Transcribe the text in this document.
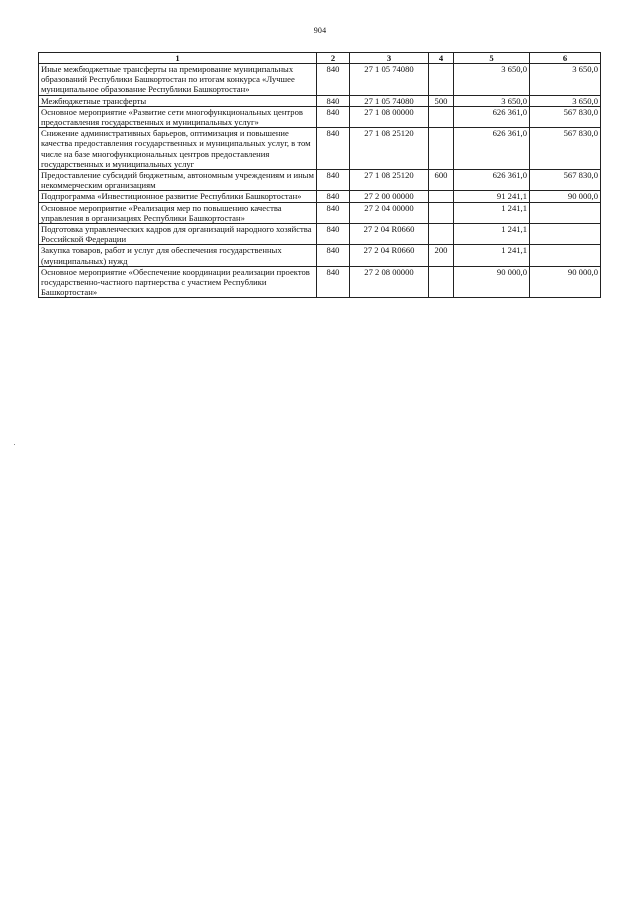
904
1	2	3	4	5	6
Иные межбюджетные трансферты на премирование муниципальных образований Республики Башкортостан по итогам конкурса «Лучшее муниципальное образование Республики Башкортостан»	840	27 1 05 74080		3 650,0	3 650,0
Межбюджетные трансферты	840	27 1 05 74080	500	3 650,0	3 650,0
Основное мероприятие «Развитие сети многофункциональных центров предоставления государственных и муниципальных услуг»	840	27 1 08 00000		626 361,0	567 830,0
Снижение административных барьеров, оптимизация и повышение качества предоставления государственных и муниципальных услуг, в том числе на базе многофункциональных центров предоставления государственных и муниципальных услуг	840	27 1 08 25120		626 361,0	567 830,0
Предоставление субсидий бюджетным, автономным учреждениям и иным некоммерческим организациям	840	27 1 08 25120	600	626 361,0	567 830,0
Подпрограмма «Инвестиционное развитие Республики Башкортостан»	840	27 2 00 00000		91 241,1	90 000,0
Основное мероприятие «Реализация мер по повышению качества управления в организациях Республики Башкортостан»	840	27 2 04 00000		1 241,1	
Подготовка управленческих кадров для организаций народного хозяйства Российской Федерации	840	27 2 04 R0660		1 241,1	
Закупка товаров, работ и услуг для обеспечения государственных (муниципальных) нужд	840	27 2 04 R0660	200	1 241,1	
Основное мероприятие «Обеспечение координации реализации проектов государственно-частного партнерства с участием Республики Башкортостан»	840	27 2 08 00000		90 000,0	90 000,0
